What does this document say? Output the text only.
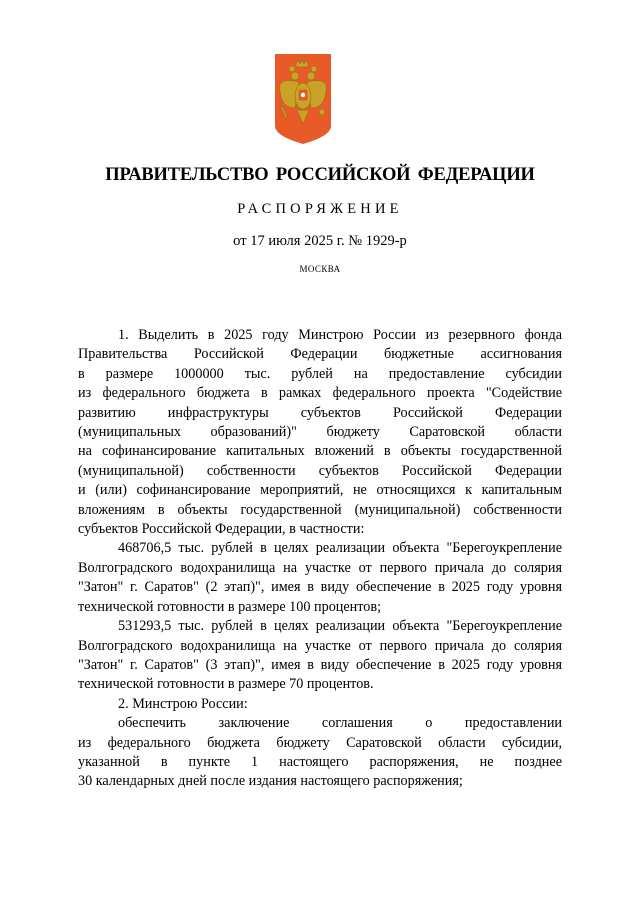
ПРАВИТЕЛЬСТВО РОССИЙСКОЙ ФЕДЕРАЦИИ
РАСПОРЯЖЕНИЕ
от 17 июля 2025 г. № 1929-р
МОСКВА

1. Выделить в 2025 году Минстрою России из резервного фонда
Правительства Российской Федерации бюджетные ассигнования
в размере 1000000 тыс. рублей на предоставление субсидии
из федерального бюджета в рамках федерального проекта "Содействие
развитию инфраструктуры субъектов Российской Федерации
(муниципальных образований)" бюджету Саратовской области
на софинансирование капитальных вложений в объекты государственной
(муниципальной) собственности субъектов Российской Федерации
и (или) софинансирование мероприятий, не относящихся к капитальным
вложениям в объекты государственной (муниципальной) собственности
субъектов Российской Федерации, в частности:

468706,5 тыс. рублей в целях реализации объекта "Берегоукрепление
Волгоградского водохранилища на участке от первого причала до солярия
"Затон" г. Саратов" (2 этап)", имея в виду обеспечение в 2025 году уровня
технической готовности в размере 100 процентов;

531293,5 тыс. рублей в целях реализации объекта "Берегоукрепление
Волгоградского водохранилища на участке от первого причала до солярия
"Затон" г. Саратов" (3 этап)", имея в виду обеспечение в 2025 году уровня
технической готовности в размере 70 процентов.

2. Минстрою России:

обеспечить заключение соглашения о предоставлении
из федерального бюджета бюджету Саратовской области субсидии,
указанной в пункте 1 настоящего распоряжения, не позднее
30 календарных дней после издания настоящего распоряжения;
